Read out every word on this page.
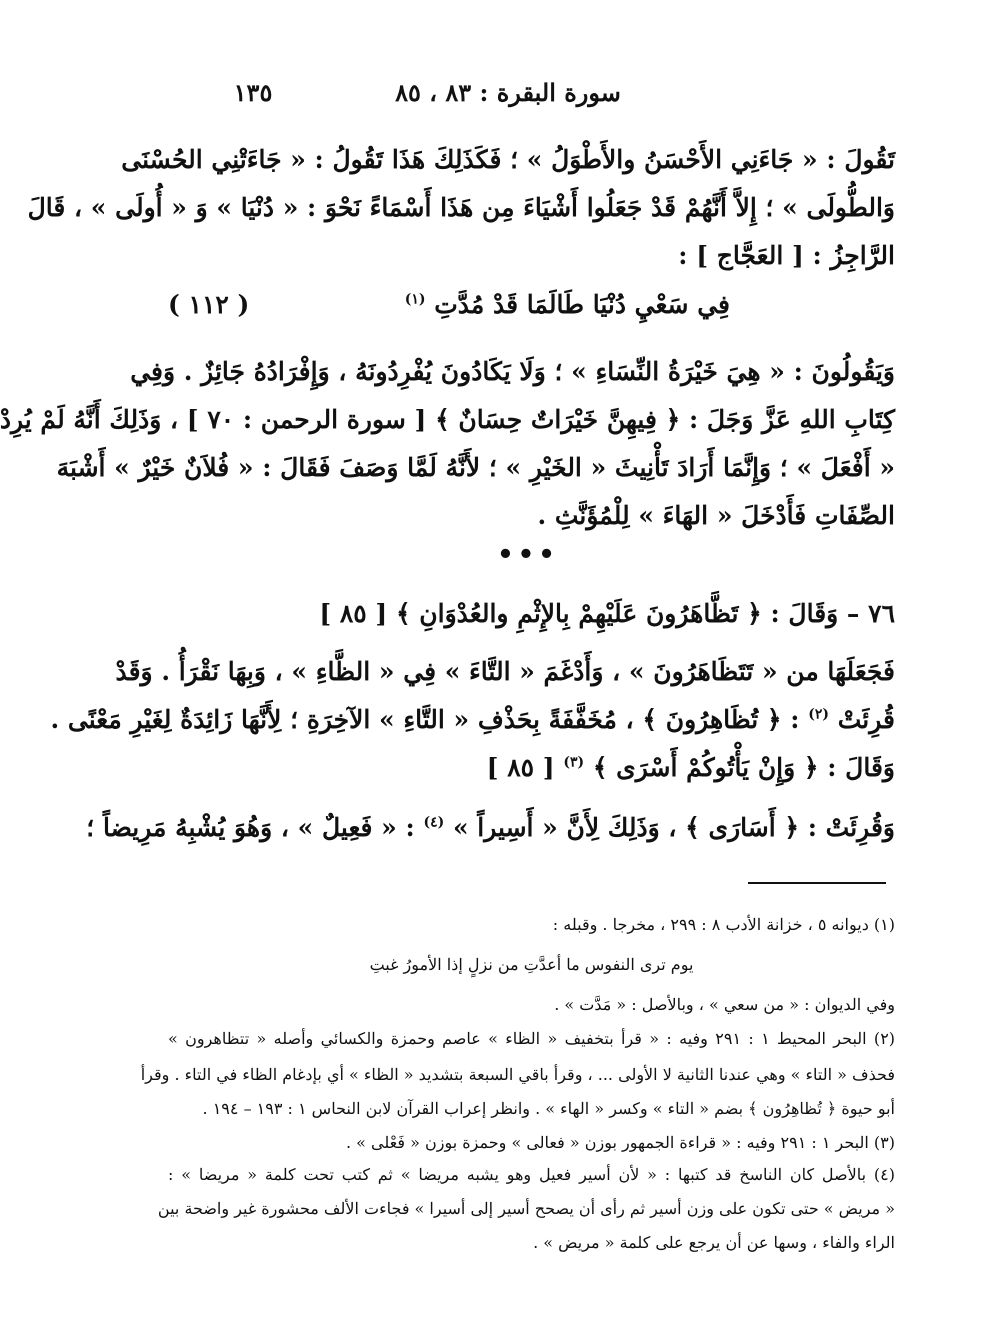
سورة البقرة : ٨٣ ، ٨٥
١٣٥
تَقُولَ : « جَاءَنِي الأَحْسَنُ والأَطْوَلُ » ؛ فَكَذَلِكَ هَذَا تَقُولُ : « جَاءَتْنِي الحُسْنَى
وَالطُّولَى » ؛ إِلاَّ أَنَّهُمْ قَدْ جَعَلُوا أَشْيَاءَ مِن هَذَا أَسْمَاءً نَحْوَ : « دُنْيَا » وَ « أُولَى » ، قَالَ
الرَّاجِزُ : [ العَجَّاج ] :
فِي سَعْيِ دُنْيَا طَالَمَا قَدْ مُدَّتِ $^{(١)}$
( ١١٢ )
وَيَقُولُونَ : « هِيَ خَيْرَةُ النِّسَاءِ » ؛ وَلَا يَكَادُونَ يُفْرِدُونَهُ ، وَإِفْرَادُهُ جَائِزٌ . وَفِي
كِتَابِ اللهِ عَزَّ وَجَلَ : ﴿ فِيهِنَّ خَيْرَاتٌ حِسَانٌ ﴾ [ سورة الرحمن : ٧٠ ] ، وَذَلِكَ أَنَّهُ لَمْ يُرِدْ
« أَفْعَلَ » ؛ وَإِنَّمَا أَرَادَ تَأْنِيثَ « الخَيْرِ » ؛ لأَنَّهُ لَمَّا وَصَفَ فَقَالَ : « فُلاَنٌ خَيْرٌ » أَشْبَهَ
الصِّفَاتِ فَأَدْخَلَ « الهَاءَ » لِلْمُؤَنَّثِ .
•••
٧٦ – وَقَالَ : ﴿ تَظَّاهَرُونَ عَلَيْهِمْ بِالإِثْمِ والعُدْوَانِ ﴾ [ ٨٥ ]
فَجَعَلَهَا من « تَتَظَاهَرُونَ » ، وَأَدْغَمَ « التَّاءَ » فِي « الظَّاءِ » ، وَبِهَا نَقْرَأُ . وَقَدْ
قُرِئَتْ $^{(٢)}$ : ﴿ تُظَاهِرُونَ ﴾ ، مُخَفَّفَةً بِحَذْفِ « التَّاءِ » الآخِرَةِ ؛ لِأَنَّهَا زَائِدَةٌ لِغَيْرِ مَعْنًى .
وَقَالَ : ﴿ وَإِنْ يَأْتُوكُمْ أَسْرَى ﴾ $^{(٣)}$ [ ٨٥ ]
وَقُرِئَتْ : ﴿ أَسَارَى ﴾ ، وَذَلِكَ لِأَنَّ « أَسِيراً » $^{(٤)}$ : « فَعِيلٌ » ، وَهُوَ يُشْبِهُ مَرِيضاً ؛
(١) ديوانه ٥ ، خزانة الأدب ٨ : ٢٩٩ ، مخرجا . وقبله :
يوم ترى النفوس ما أعدَّتِ من نزلٍ إذا الأمورُ غبتِ
وفي الديوان : « من سعي » ، وبالأصل : « مَدَّت » .
(٢) البحر المحيط ١ : ٢٩١ وفيه : « قرأ بتخفيف « الظاء » عاصم وحمزة والكسائي وأصله « تتظاهرون »
فحذف « التاء » وهي عندنا الثانية لا الأولى ... ، وقرأ باقي السبعة بتشديد « الظاء » أي بإدغام الظاء في التاء . وقرأ
أبو حيوة ﴿ تُظاهِرُون ﴾ بضم « التاء » وكسر « الهاء » . وانظر إعراب القرآن لابن النحاس ١ : ١٩٣ – ١٩٤ .
(٣) البحر ١ : ٢٩١ وفيه : « قراءة الجمهور بوزن « فعالى » وحمزة بوزن « فَعْلى » .
(٤) بالأصل كان الناسخ قد كتبها : « لأن أسير فعيل وهو يشبه مريضا » ثم كتب تحت كلمة « مريضا » :
« مريض » حتى تكون على وزن أسير ثم رأى أن يصحح أسير إلى أسيرا » فجاءت الألف محشورة غير واضحة بين
الراء والفاء ، وسها عن أن يرجع على كلمة « مريض » .
